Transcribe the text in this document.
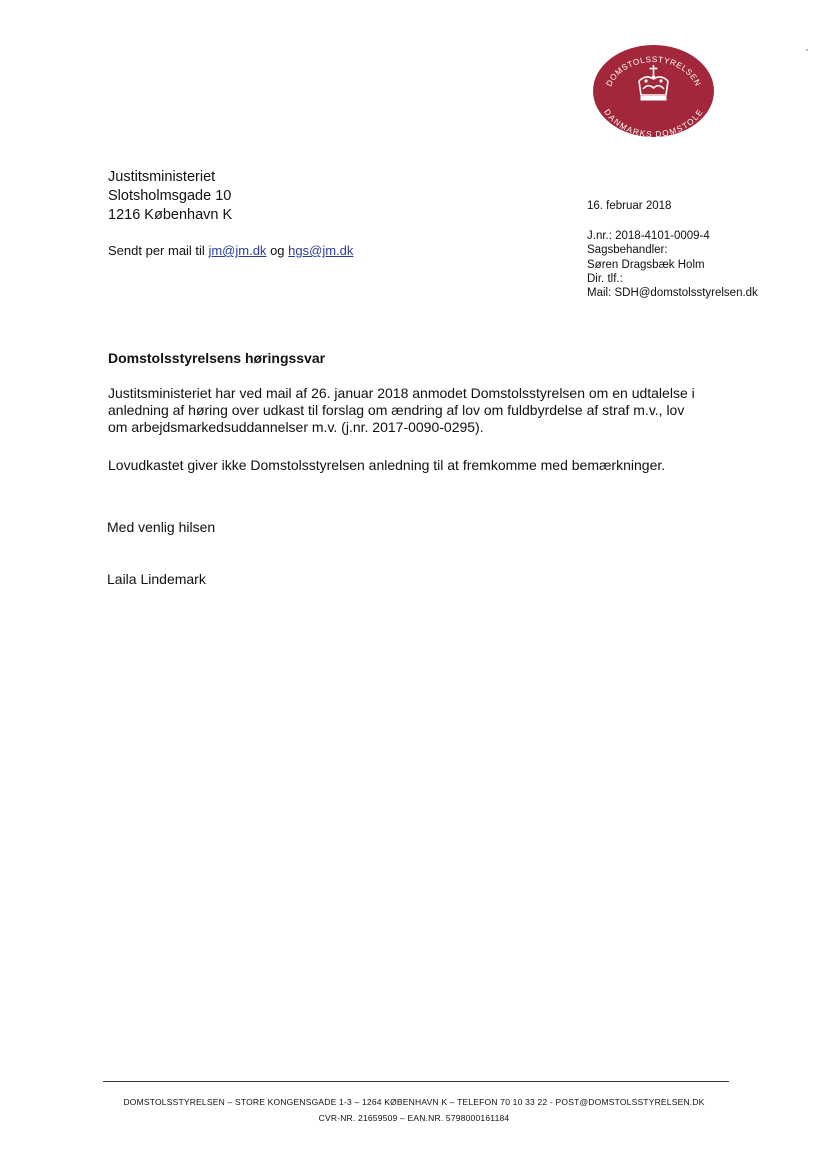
DOMSTOLSSTYRELSEN
DANMARKS DOMSTOLE
Justitsministeriet
Slotsholmsgade 10
1216 København K
Sendt per mail til jm@jm.dk og hgs@jm.dk
16. februar 2018
J.nr.: 2018-4101-0009-4
Sagsbehandler:
Søren Dragsbæk Holm
Dir. tlf.:
Mail: SDH@domstolsstyrelsen.dk
Domstolsstyrelsens høringssvar
Justitsministeriet har ved mail af 26. januar 2018 anmodet Domstolsstyrelsen om en udtalelse i
anledning af høring over udkast til forslag om ændring af lov om fuldbyrdelse af straf m.v., lov
om arbejdsmarkedsuddannelser m.v. (j.nr. 2017-0090-0295).
Lovudkastet giver ikke Domstolsstyrelsen anledning til at fremkomme med bemærkninger.
Med venlig hilsen
Laila Lindemark
DOMSTOLSSTYRELSEN – STORE KONGENSGADE 1-3 – 1264 KØBENHAVN K – TELEFON 70 10 33 22 - POST@DOMSTOLSSTYRELSEN.DK
CVR-NR. 21659509 – EAN.NR. 5798000161184
